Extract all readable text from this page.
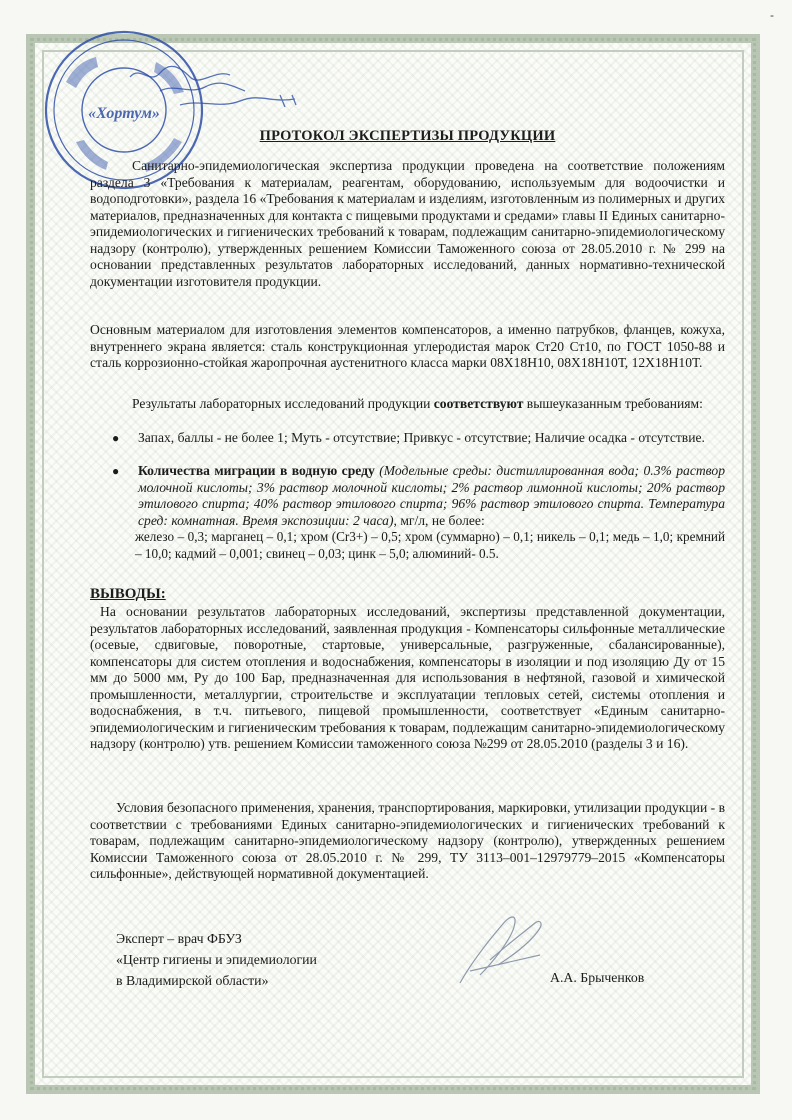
-
«Хортум»
ПРОТОКОЛ ЭКСПЕРТИЗЫ ПРОДУКЦИИ

Санитарно-эпидемиологическая экспертиза продукции проведена на соответствие положениям раздела 3 «Требования к материалам, реагентам, оборудованию, используемым для водоочистки и водоподготовки», раздела 16 «Требования к материалам и изделиям, изготовленным из полимерных и других материалов, предназначенных для контакта с пищевыми продуктами и средами» главы II Единых санитарно-эпидемиологических и гигиенических требований к товарам, подлежащим санитарно-эпидемиологическому надзору (контролю), утвержденных решением Комиссии Таможенного союза от 28.05.2010 г. № 299 на основании представленных результатов лабораторных исследований, данных нормативно-технической документации изготовителя продукции.

Основным материалом для изготовления элементов компенсаторов, а именно патрубков, фланцев, кожуха, внутреннего экрана является: сталь конструкционная углеродистая марок Ст20 Ст10, по ГОСТ 1050-88 и сталь коррозионно-стойкая жаропрочная аустенитного класса марки 08Х18Н10, 08Х18Н10Т, 12Х18Н10Т.

Результаты лабораторных исследований продукции соответствуют вышеуказанным требованиям:

●	Запах, баллы - не более 1; Муть - отсутствие; Привкус - отсутствие; Наличие осадка - отсутствие.

●	Количества миграции в водную среду (Модельные среды: дистиллированная вода; 0.3% раствор молочной кислоты; 3% раствор молочной кислоты; 2% раствор лимонной кислоты; 20% раствор этилового спирта; 40% раствор этилового спирта; 96% раствор этилового спирта. Температура сред: комнатная. Время экспозиции: 2 часа), мг/л, не более:

железо – 0,3; марганец – 0,1; хром (Cr3+) – 0,5; хром (суммарно) – 0,1; никель – 0,1; медь – 1,0; кремний – 10,0; кадмий – 0,001; свинец – 0,03; цинк – 5,0; алюминий- 0.5.

ВЫВОДЫ:

На основании результатов лабораторных исследований, экспертизы представленной документации, результатов лабораторных исследований, заявленная продукция - Компенсаторы сильфонные металлические (осевые, сдвиговые, поворотные, стартовые, универсальные, разгруженные, сбалансированные), компенсаторы для систем отопления и водоснабжения, компенсаторы в изоляции и под изоляцию Ду от 15 мм до 5000 мм, Ру до 100 Бар, предназначенная для использования в нефтяной, газовой и химической промышленности, металлургии, строительстве и эксплуатации тепловых сетей, системы отопления и водоснабжения, в т.ч. питьевого, пищевой промышленности, соответствует «Единым санитарно-эпидемиологическим и гигиеническим требования к товарам, подлежащим санитарно-эпидемиологическому надзору (контролю) утв. решением Комиссии таможенного союза №299 от 28.05.2010 (разделы 3 и 16).

Условия безопасного применения, хранения, транспортирования, маркировки, утилизации продукции - в соответствии с требованиями Единых санитарно-эпидемиологических и гигиенических требований к товарам, подлежащим санитарно-эпидемиологическому надзору (контролю), утвержденных решением Комиссии Таможенного союза от 28.05.2010 г. № 299, ТУ 3113–001–12979779–2015 «Компенсаторы сильфонные», действующей нормативной документацией.

Эксперт – врач ФБУЗ
«Центр гигиены и эпидемиологии
в Владимирской области»	А.А. Брыченков
